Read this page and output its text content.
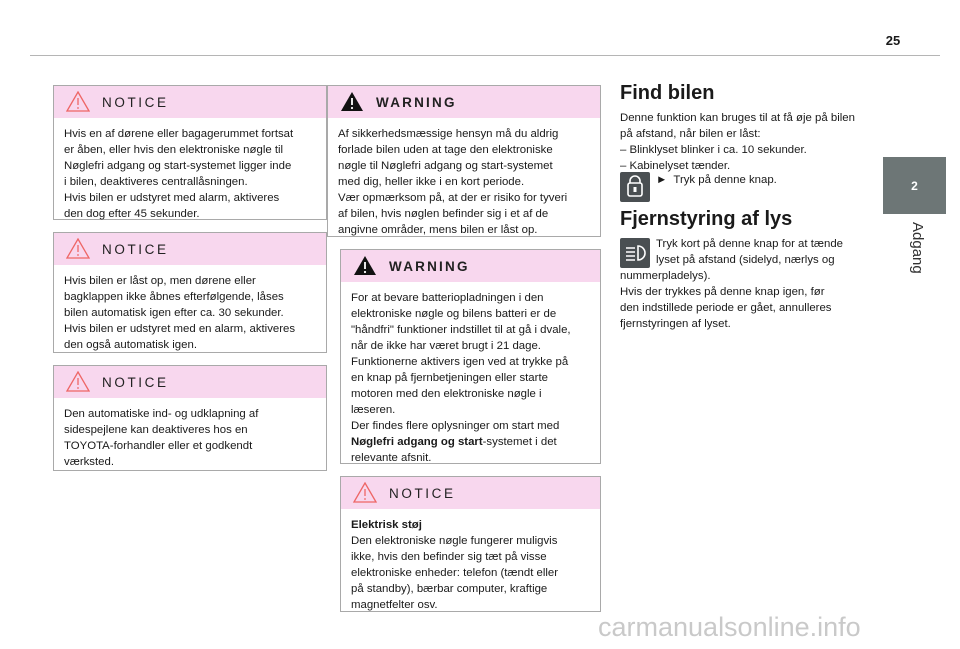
25
2
Adgang
NOTICE

Hvis en af dørene eller bagagerummet fortsat

er åben, eller hvis den elektroniske nøgle til

Nøglefri adgang og start-systemet ligger inde

i bilen, deaktiveres centrallåsningen.

Hvis bilen er udstyret med alarm, aktiveres

den dog efter 45 sekunder.

NOTICE

Hvis bilen er låst op, men dørene eller

bagklappen ikke åbnes efterfølgende, låses

bilen automatisk igen efter ca. 30 sekunder.

Hvis bilen er udstyret med en alarm, aktiveres

den også automatisk igen.

NOTICE

Den automatiske ind- og udklapning af

sidespejlene kan deaktiveres hos en

TOYOTA-forhandler eller et godkendt

værksted.

WARNING

Af sikkerhedsmæssige hensyn må du aldrig

forlade bilen uden at tage den elektroniske

nøgle til Nøglefri adgang og start-systemet

med dig, heller ikke i en kort periode.

Vær opmærksom på, at der er risiko for tyveri

af bilen, hvis nøglen befinder sig i et af de

angivne områder, mens bilen er låst op.

WARNING

For at bevare batteriopladningen i den

elektroniske nøgle og bilens batteri er de

"håndfri" funktioner indstillet til at gå i dvale,

når de ikke har været brugt i 21 dage.

Funktionerne aktivers igen ved at trykke på

en knap på fjernbetjeningen eller starte

motoren med den elektroniske nøgle i

læseren.

Der findes flere oplysninger om start med

Nøglefri adgang og start-systemet i det

relevante afsnit.

NOTICE

Elektrisk støj

Den elektroniske nøgle fungerer muligvis

ikke, hvis den befinder sig tæt på visse

elektroniske enheder: telefon (tændt eller

på standby), bærbar computer, kraftige

magnetfelter osv.

Find bilen
Denne funktion kan bruges til at få øje på bilen
på afstand, når bilen er låst:
– Blinklyset blinker i ca. 10 sekunder.
– Kabinelyset tænder.
► Tryk på denne knap.
Fjernstyring af lys
Tryk kort på denne knap for at tænde
lyset på afstand (sidelyd, nærlys og
nummerpladelys).
Hvis der trykkes på denne knap igen, før
den indstillede periode er gået, annulleres
fjernstyringen af lyset.
carmanualsonline.info
